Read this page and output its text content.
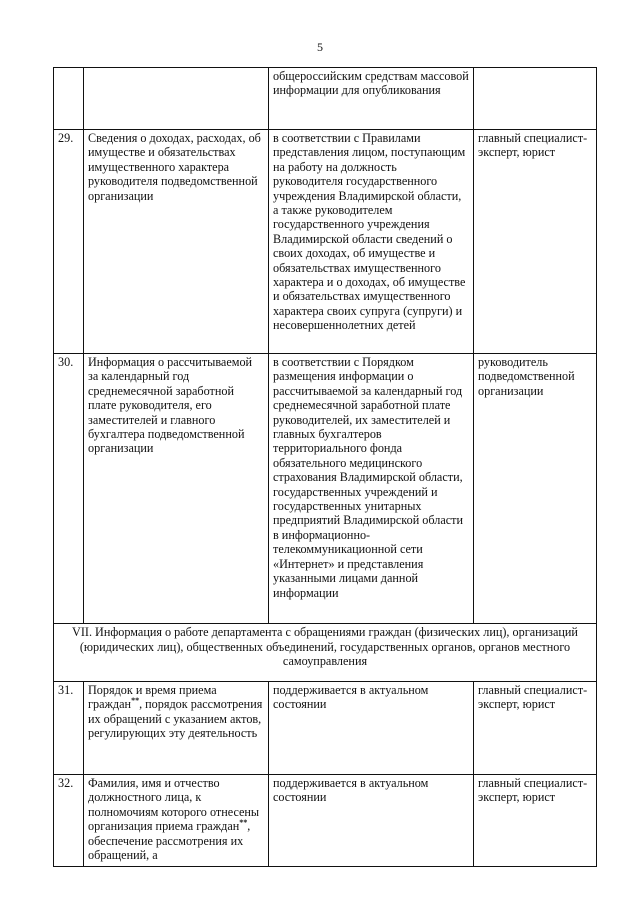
5
		общероссийским средствам массовой информации для опубликования	
29.	Сведения о доходах, расходах, об имуществе и обязательствах имущественного характера руководителя подведомственной организации	в соответствии с Правилами представления лицом, поступающим на работу на должность руководителя государственного учреждения Владимирской области, а также руководителем государственного учреждения Владимирской области сведений о своих доходах, об имуществе и обязательствах имущественного характера и о доходах, об имуществе и обязательствах имущественного характера своих супруга (супруги) и несовершеннолетних детей	главный специалист-эксперт, юрист
30.	Информация о рассчитываемой за календарный год среднемесячной заработной плате руководителя, его заместителей и главного бухгалтера подведомственной организации	в соответствии с Порядком размещения информации о рассчитываемой за календарный год среднемесячной заработной плате руководителей, их заместителей и главных бухгалтеров территориального фонда обязательного медицинского страхования Владимирской области, государственных учреждений и государственных унитарных предприятий Владимирской области в информационно-телекоммуникационной сети «Интернет» и представления указанными лицами данной информации	руководитель подведомственной организации
VII. Информация о работе департамента с обращениями граждан (физических лиц), организаций (юридических лиц), общественных объединений, государственных органов, органов местного самоуправления			
31.	Порядок и время приема граждан**, порядок рассмотрения их обращений с указанием актов, регулирующих эту деятельность	поддерживается в актуальном состоянии	главный специалист-эксперт, юрист
32.	Фамилия, имя и отчество должностного лица, к полномочиям которого отнесены организация приема граждан**, обеспечение рассмотрения их обращений, а	поддерживается в актуальном состоянии	главный специалист-эксперт, юрист
